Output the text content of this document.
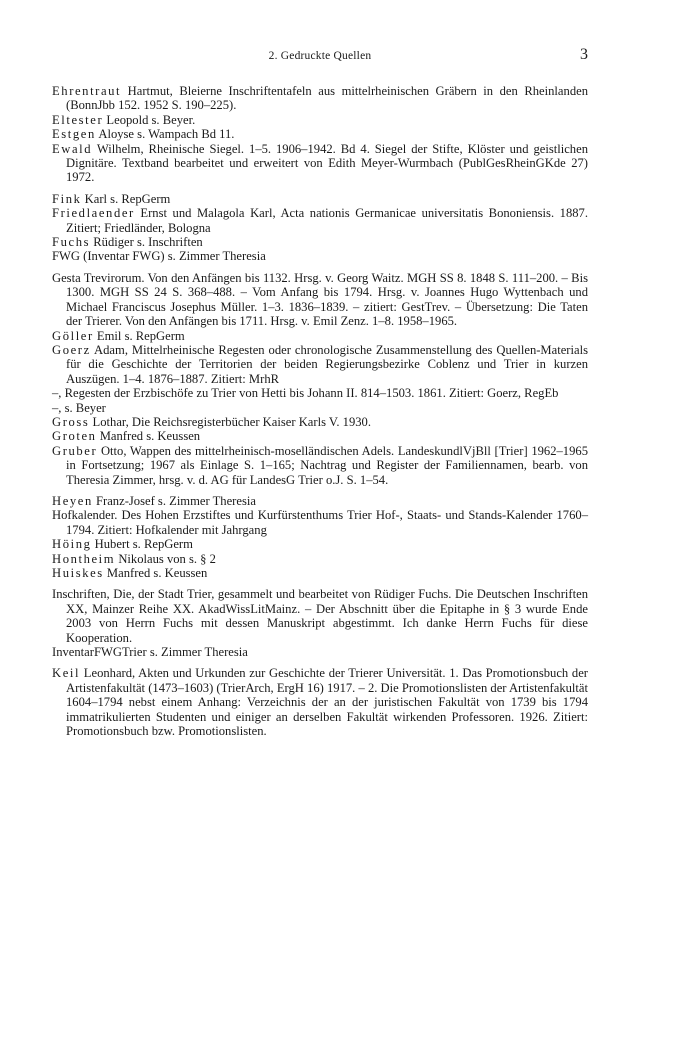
2. Gedruckte Quellen	3

Ehrentraut Hartmut, Bleierne Inschriftentafeln aus mittelrheinischen Gräbern in den Rheinlanden (BonnJbb 152. 1952 S. 190–225).

Eltester Leopold s. Beyer.

Estgen Aloyse s. Wampach Bd 11.

Ewald Wilhelm, Rheinische Siegel. 1–5. 1906–1942. Bd 4. Siegel der Stifte, Klöster und geistlichen Dignitäre. Textband bearbeitet und erweitert von Edith Meyer-Wurmbach (PublGesRheinGKde 27) 1972.

Fink Karl s. RepGerm

Friedlaender Ernst und Malagola Karl, Acta nationis Germanicae universitatis Bononiensis. 1887. Zitiert; Friedländer, Bologna

Fuchs Rüdiger s. Inschriften

FWG (Inventar FWG) s. Zimmer Theresia

Gesta Trevirorum. Von den Anfängen bis 1132. Hrsg. v. Georg Waitz. MGH SS 8. 1848 S. 111–200. – Bis 1300. MGH SS 24 S. 368–488. – Vom Anfang bis 1794. Hrsg. v. Joannes Hugo Wyttenbach und Michael Franciscus Josephus Müller. 1–3. 1836–1839. – zitiert: GestTrev. – Übersetzung: Die Taten der Trierer. Von den Anfängen bis 1711. Hrsg. v. Emil Zenz. 1–8. 1958–1965.

Göller Emil s. RepGerm

Goerz Adam, Mittelrheinische Regesten oder chronologische Zusammenstellung des Quellen-Materials für die Geschichte der Territorien der beiden Regierungsbezirke Coblenz und Trier in kurzen Auszügen. 1–4. 1876–1887. Zitiert: MrhR

–, Regesten der Erzbischöfe zu Trier von Hetti bis Johann II. 814–1503. 1861. Zitiert: Goerz, RegEb

–, s. Beyer

Gross Lothar, Die Reichsregisterbücher Kaiser Karls V. 1930.

Groten Manfred s. Keussen

Gruber Otto, Wappen des mittelrheinisch-moselländischen Adels. LandeskundlVjBll [Trier] 1962–1965 in Fortsetzung; 1967 als Einlage S. 1–165; Nachtrag und Register der Familiennamen, bearb. von Theresia Zimmer, hrsg. v. d. AG für LandesG Trier o.J. S. 1–54.

Heyen Franz-Josef s. Zimmer Theresia

Hofkalender. Des Hohen Erzstiftes und Kurfürstenthums Trier Hof-, Staats- und Stands-Kalender 1760–1794. Zitiert: Hofkalender mit Jahrgang

Höing Hubert s. RepGerm

Hontheim Nikolaus von s. § 2

Huiskes Manfred s. Keussen

Inschriften, Die, der Stadt Trier, gesammelt und bearbeitet von Rüdiger Fuchs. Die Deutschen Inschriften XX, Mainzer Reihe XX. AkadWissLitMainz. – Der Abschnitt über die Epitaphe in § 3 wurde Ende 2003 von Herrn Fuchs mit dessen Manuskript abgestimmt. Ich danke Herrn Fuchs für diese Kooperation.

InventarFWGTrier s. Zimmer Theresia

Keil Leonhard, Akten und Urkunden zur Geschichte der Trierer Universität. 1. Das Promotionsbuch der Artistenfakultät (1473–1603) (TrierArch, ErgH 16) 1917. – 2. Die Promotionslisten der Artistenfakultät 1604–1794 nebst einem Anhang: Verzeichnis der an der juristischen Fakultät von 1739 bis 1794 immatrikulierten Studenten und einiger an derselben Fakultät wirkenden Professoren. 1926. Zitiert: Promotionsbuch bzw. Promotionslisten.
